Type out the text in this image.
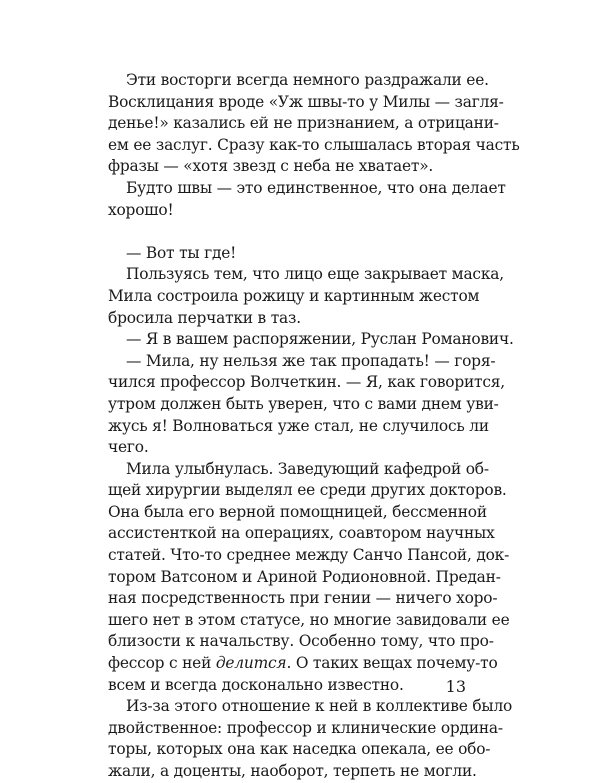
Эти восторги всегда немного раздражали ее.
Восклицания вроде «Уж швы-то у Милы — загля-
денье!» казались ей не признанием, а отрицани-
ем ее заслуг. Сразу как-то слышалась вторая часть
фразы — «хотя звезд с неба не хватает».
Будто швы — это единственное, что она делает
хорошо!
— Вот ты где!
Пользуясь тем, что лицо еще закрывает маска,
Мила состроила рожицу и картинным жестом
бросила перчатки в таз.
— Я в вашем распоряжении, Руслан Романович.
— Мила, ну нельзя же так пропадать! — горя-
чился профессор Волчеткин. — Я, как говорится,
утром должен быть уверен, что с вами днем уви-
жусь я! Волноваться уже стал, не случилось ли
чего.
Мила улыбнулась. Заведующий кафедрой об-
щей хирургии выделял ее среди других докторов.
Она была его верной помощницей, бессменной
ассистенткой на операциях, соавтором научных
статей. Что-то среднее между Санчо Пансой, док-
тором Ватсоном и Ариной Родионовной. Предан-
ная посредственность при гении — ничего хоро-
шего нет в этом статусе, но многие завидовали ее
близости к начальству. Особенно тому, что про-
фессор с ней делится. О таких вещах почему-то
всем и всегда досконально известно.
Из-за этого отношение к ней в коллективе было
двойственное: профессор и клинические ордина-
торы, которых она как наседка опекала, ее обо-
жали, а доценты, наоборот, терпеть не могли.
13
